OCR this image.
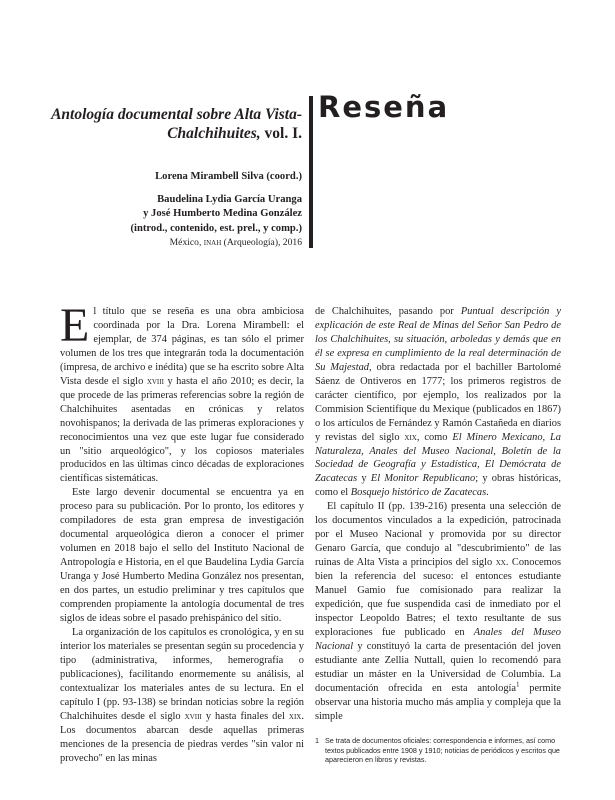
Antología documental sobre Alta Vista-Chalchihuites, vol. I.
Reseña
Lorena Mirambell Silva (coord.)
Baudelina Lydia García Uranga
y José Humberto Medina González
(introd., contenido, est. prel., y comp.)
México, inah (Arqueología), 2016

El título que se reseña es una obra ambiciosa coordinada por la Dra. Lorena Mirambell: el ejemplar, de 374 páginas, es tan sólo el primer volumen de los tres que integrarán toda la documentación (impresa, de archivo e inédita) que se ha escrito sobre Alta Vista desde el siglo xviii y hasta el año 2010; es decir, la que procede de las primeras referencias sobre la región de Chalchihuites asentadas en crónicas y relatos novohispanos; la derivada de las primeras exploraciones y reconocimientos una vez que este lugar fue considerado un "sitio arqueológico", y los copiosos materiales producidos en las últimas cinco décadas de exploraciones científicas sistemáticas.

Este largo devenir documental se encuentra ya en proceso para su publicación. Por lo pronto, los editores y compiladores de esta gran empresa de investigación documental arqueológica dieron a conocer el primer volumen en 2018 bajo el sello del Instituto Nacional de Antropología e Historia, en el que Baudelina Lydia García Uranga y José Humberto Medina González nos presentan, en dos partes, un estudio preliminar y tres capítulos que comprenden propiamente la antología documental de tres siglos de ideas sobre el pasado prehispánico del sitio.

La organización de los capítulos es cronológica, y en su interior los materiales se presentan según su procedencia y tipo (administrativa, informes, hemerografía o publicaciones), facilitando enormemente su análisis, al contextualizar los materiales antes de su lectura. En el capítulo I (pp. 93-138) se brindan noticias sobre la región Chalchihuites desde el siglo xviii y hasta finales del xix. Los documentos abarcan desde aquellas primeras menciones de la presencia de piedras verdes "sin valor ni provecho" en las minas

de Chalchihuites, pasando por Puntual descripción y explicación de este Real de Minas del Señor San Pedro de los Chalchihuites, su situación, arboledas y demás que en él se expresa en cumplimiento de la real determinación de Su Majestad, obra redactada por el bachiller Bartolomé Sáenz de Ontiveros en 1777; los primeros registros de carácter científico, por ejemplo, los realizados por la Commision Scientifique du Mexique (publicados en 1867) o los artículos de Fernández y Ramón Castañeda en diarios y revistas del siglo xix, como El Minero Mexicano, La Naturaleza, Anales del Museo Nacional, Boletín de la Sociedad de Geografía y Estadística, El Demócrata de Zacatecas y El Monitor Republicano; y obras históricas, como el Bosquejo histórico de Zacatecas.

El capítulo II (pp. 139-216) presenta una selección de los documentos vinculados a la expedición, patrocinada por el Museo Nacional y promovida por su director Genaro García, que condujo al "descubrimiento" de las ruinas de Alta Vista a principios del siglo xx. Conocemos bien la referencia del suceso: el entonces estudiante Manuel Gamio fue comisionado para realizar la expedición, que fue suspendida casi de inmediato por el inspector Leopoldo Batres; el texto resultante de sus exploraciones fue publicado en Anales del Museo Nacional y constituyó la carta de presentación del joven estudiante ante Zellia Nuttall, quien lo recomendó para estudiar un máster en la Universidad de Columbia. La documentación ofrecida en esta antología$^1$ permite observar una historia mucho más amplia y compleja que la simple

1 Se trata de documentos oficiales: correspondencia e informes, así como textos publicados entre 1908 y 1910; noticias de periódicos y escritos que aparecieron en libros y revistas.
